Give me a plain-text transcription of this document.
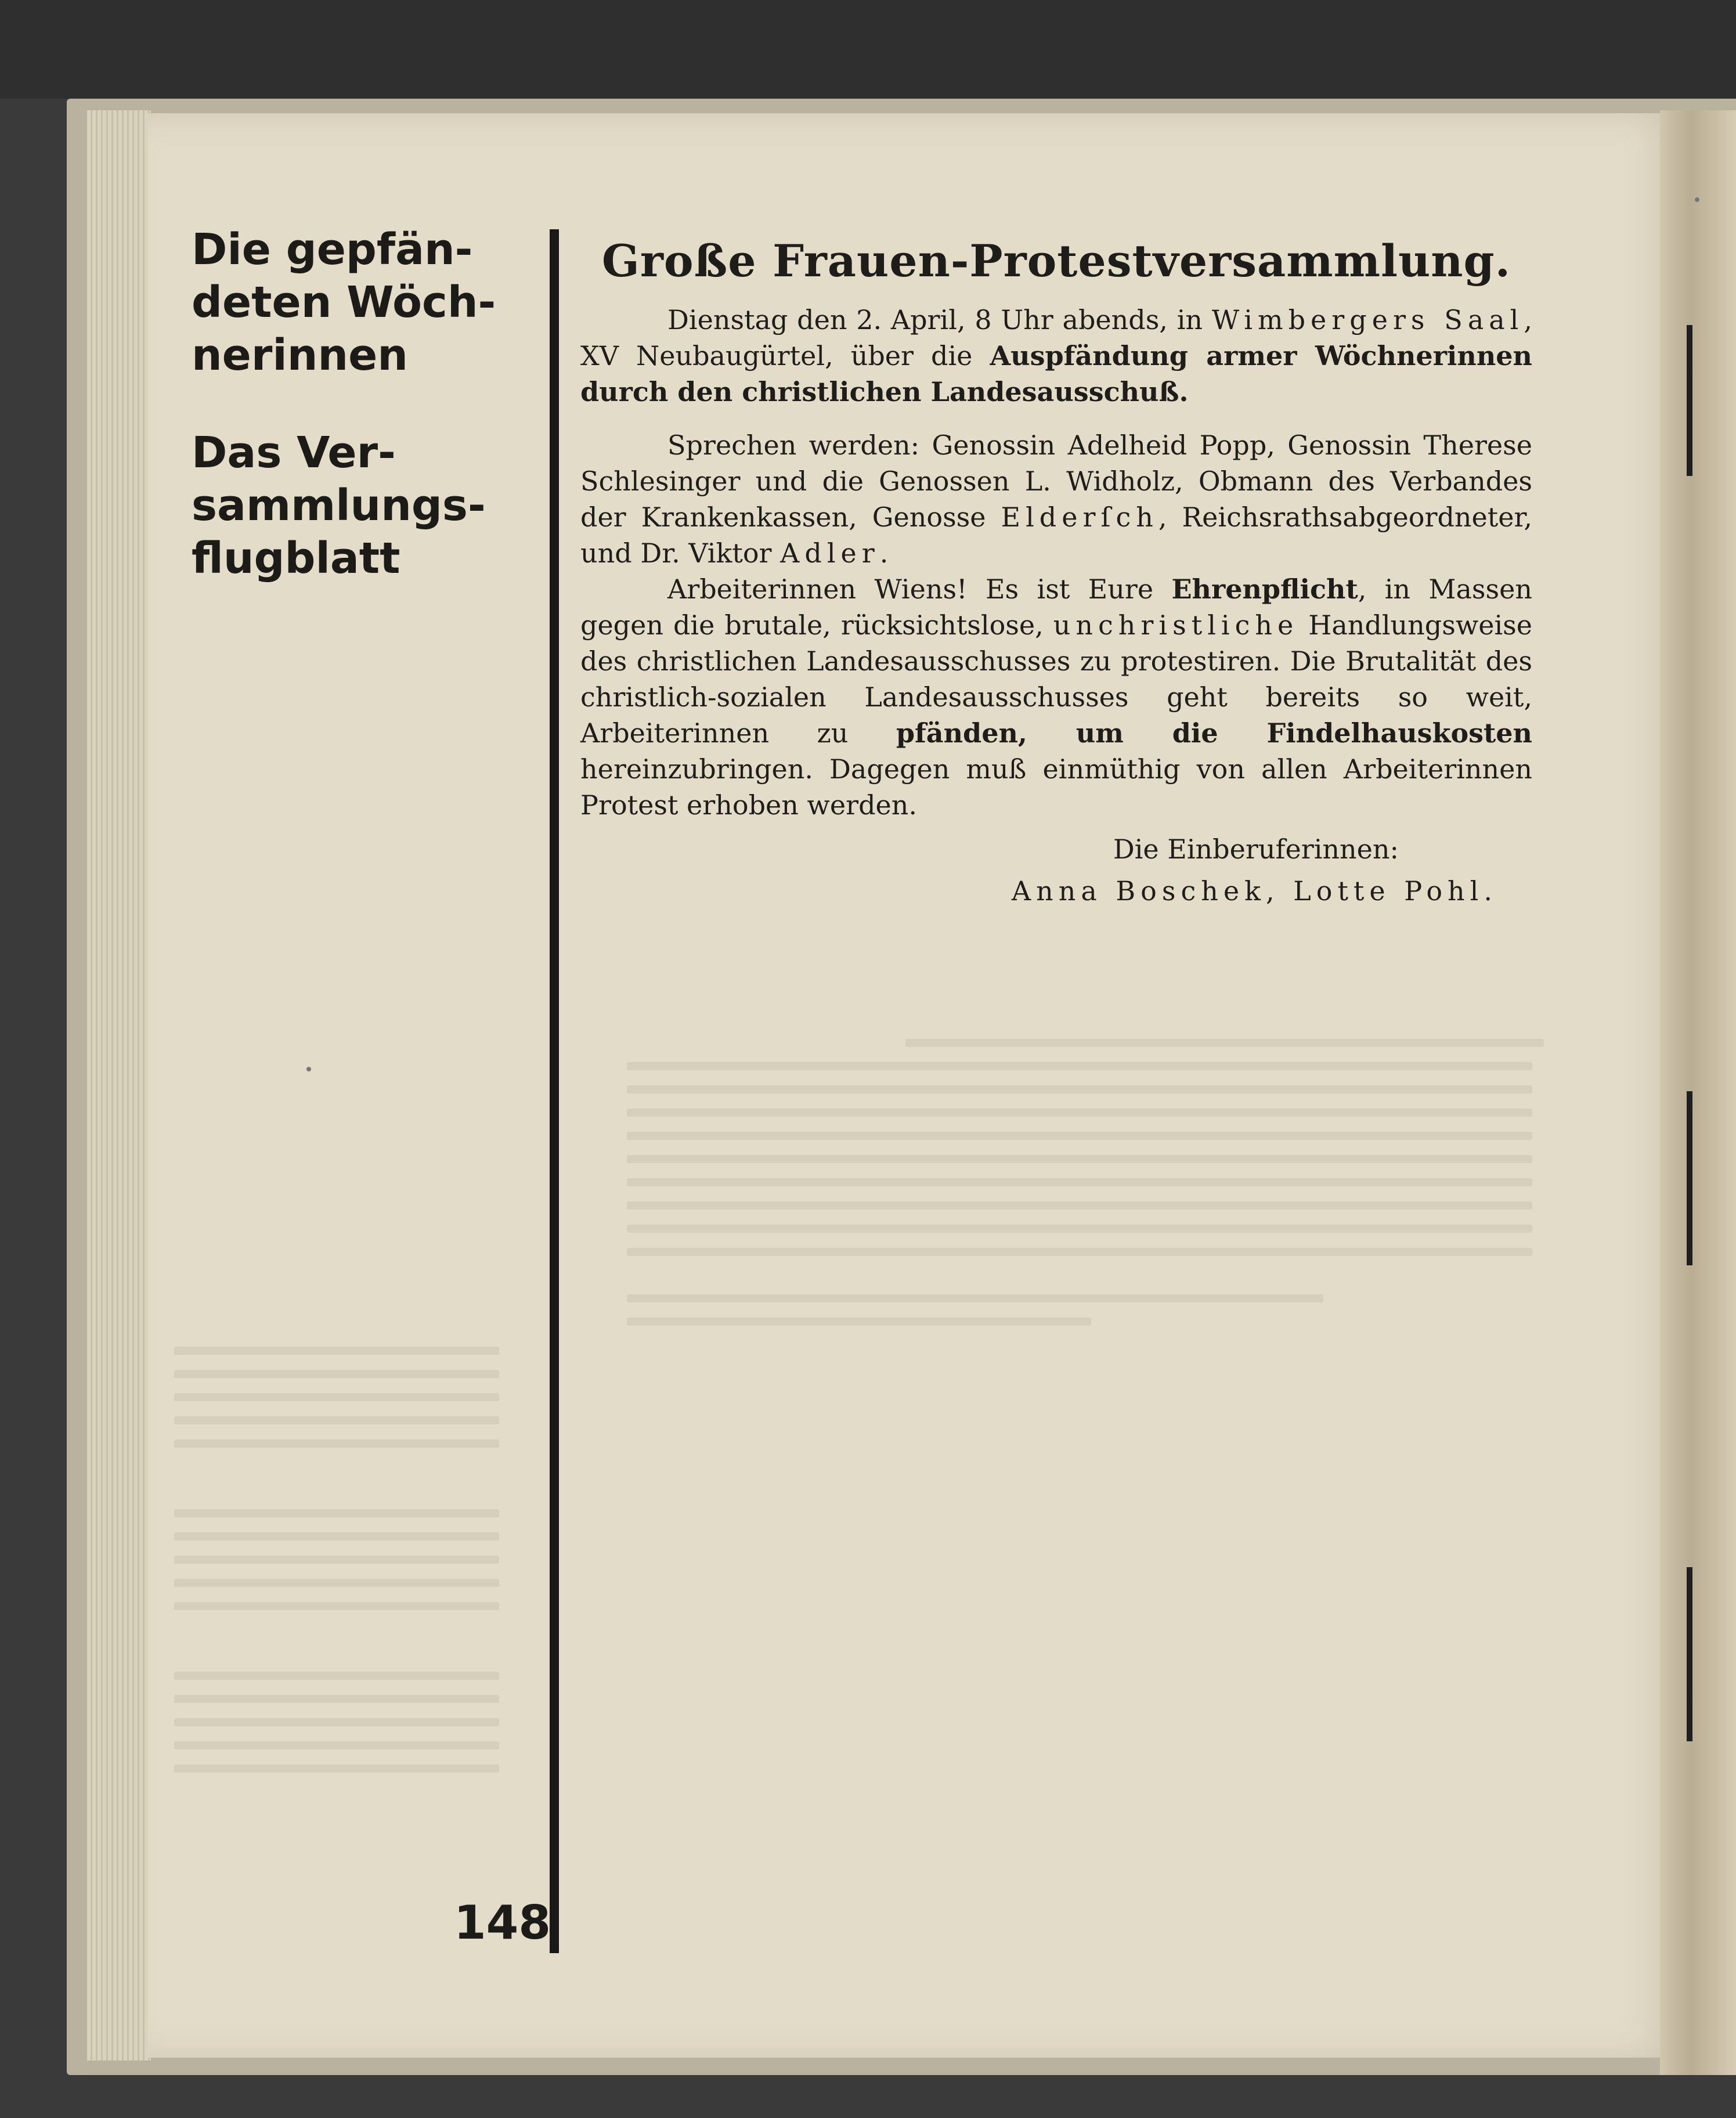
Die gepfän-
deten Wöch-
nerinnen
Das Ver-
sammlungs-
flugblatt
148
Große Frauen-Protestversammlung.

Dienstag den 2. April, 8 Uhr abends, in Wimbergers Saal, XV Neubaugürtel, über die Auspfändung armer Wöchnerinnen durch den christlichen Landesausschuß.

Sprechen werden: Genossin Adelheid Popp, Genossin Therese Schlesinger und die Genossen L. Widholz, Obmann des Verbandes der Krankenkassen, Genosse Elderſch, Reichsrathsabgeordneter, und Dr. Viktor Adler.

Arbeiterinnen Wiens! Es ist Eure Ehrenpflicht, in Massen gegen die brutale, rücksichtslose, unchristliche Handlungsweise des christlichen Landesausschusses zu protestiren. Die Brutalität des christlich-sozialen Landesausschusses geht bereits so weit, Arbeiterinnen zu pfänden, um die Findelhauskosten hereinzubringen. Dagegen muß einmüthig von allen Arbeiterinnen Protest erhoben werden.

Die Einberuferinnen:
Anna Boschek, Lotte Pohl.
